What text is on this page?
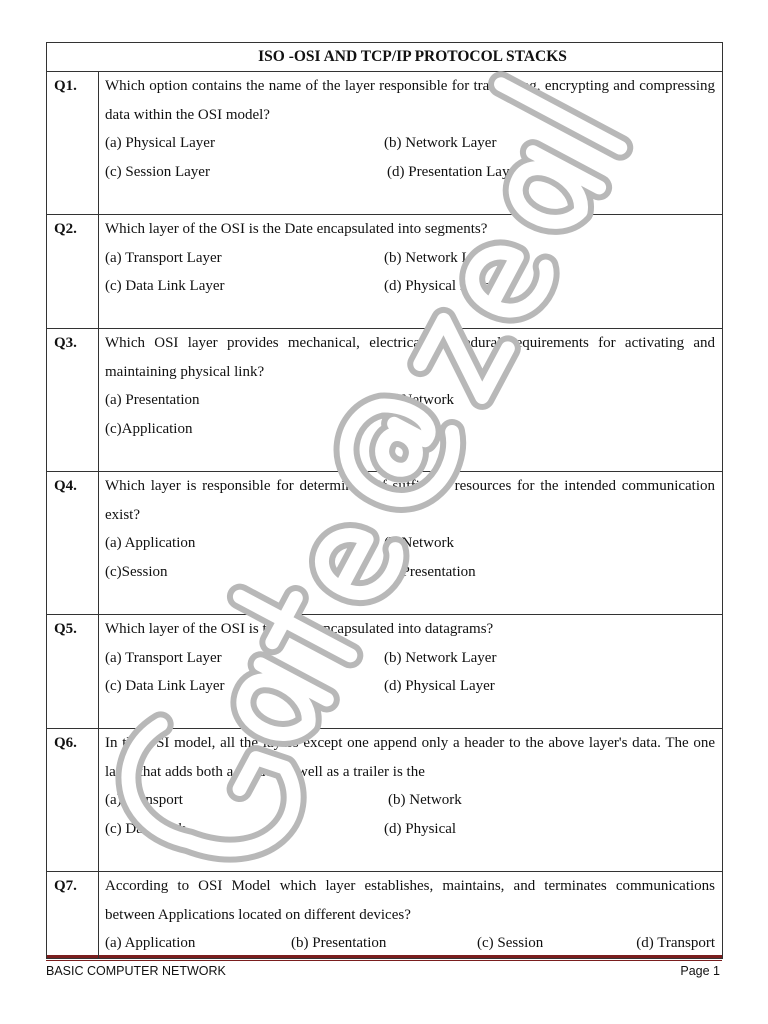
ISO -OSI AND TCP/IP PROTOCOL STACKS	

Q1.	Which option contains the name of the layer responsible for translating, encrypting and compressing data within the OSI model?
(a) Physical Layer (b) Network Layer
(c) Session Layer (d) Presentation Layer

Q2.	Which layer of the OSI is the Date encapsulated into segments?
(a) Transport Layer (b) Network Layer
(c) Data Link Layer (d) Physical Layer

Q3.	Which OSI layer provides mechanical, electrical, procedural requirements for activating and maintaining physical link?
(a) Presentation (b)Network
(c)Application (d)Physical

Q4.	Which layer is responsible for determining if sufficient resources for the intended communication exist?
(a) Application (b)Network
(c)Session (d)Presentation

Q5.	Which layer of the OSI is the Date encapsulated into datagrams?
(a) Transport Layer (b) Network Layer
(c) Data Link Layer (d) Physical Layer

Q6.	In the OSI model, all the layers except one append only a header to the above layer's data. The one layer that adds both a header as well as a trailer is the
(a) Transport (b) Network
(c) Data Link (d) Physical

Q7.	According to OSI Model which layer establishes, maintains, and terminates communications between Applications located on different devices?
(a) Application (b) Presentation (c) Session (d) Transport
BASIC COMPUTER NETWORK	Page 1
